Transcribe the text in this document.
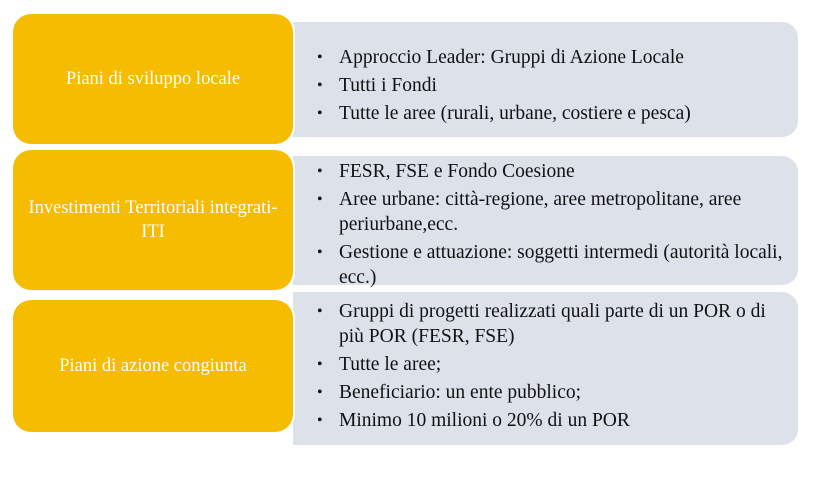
• Approccio Leader: Gruppi di Azione Locale
• Tutti i Fondi
• Tutte le aree (rurali, urbane, costiere e pesca)
Piani di sviluppo locale
• FESR, FSE e Fondo Coesione
• Aree urbane: città-regione, aree metropolitane, aree periurbane,ecc.
• Gestione e attuazione: soggetti intermedi (autorità locali, ecc.)
Investimenti Territoriali integrati-ITI
• Gruppi di progetti realizzati quali parte di un POR o di più POR (FESR, FSE)
• Tutte le aree;
• Beneficiario: un ente pubblico;
• Minimo 10 milioni o 20% di un POR
Piani di azione congiunta
